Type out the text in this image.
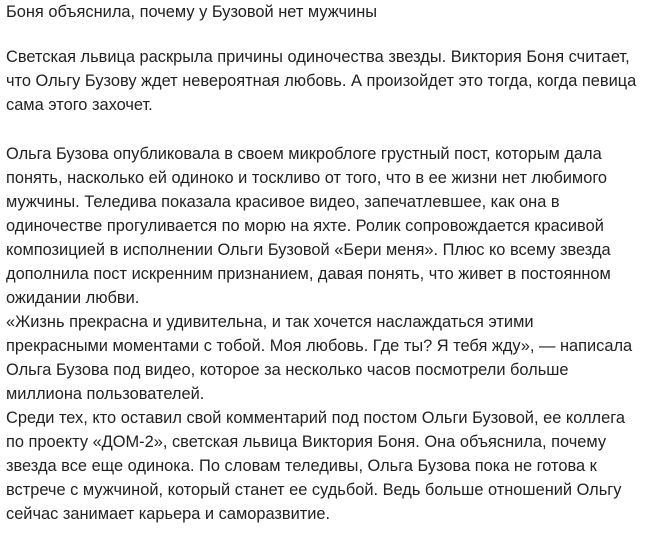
Боня объяснила, почему у Бузовой нет мужчины

Светская львица раскрыла причины одиночества звезды. Виктория Боня считает,
что Ольгу Бузову ждет невероятная любовь. А произойдет это тогда, когда певица
сама этого захочет.

Ольга Бузова опубликовала в своем микроблоге грустный пост, которым дала
понять, насколько ей одиноко и тоскливо от того, что в ее жизни нет любимого
мужчины. Теледива показала красивое видео, запечатлевшее, как она в
одиночестве прогуливается по морю на яхте. Ролик сопровождается красивой
композицией в исполнении Ольги Бузовой «Бери меня». Плюс ко всему звезда
дополнила пост искренним признанием, давая понять, что живет в постоянном
ожидании любви.

«Жизнь прекрасна и удивительна, и так хочется наслаждаться этими
прекрасными моментами с тобой. Моя любовь. Где ты? Я тебя жду», — написала
Ольга Бузова под видео, которое за несколько часов посмотрели больше
миллиона пользователей.

Среди тех, кто оставил свой комментарий под постом Ольги Бузовой, ее коллега
по проекту «ДОМ-2», светская львица Виктория Боня. Она объяснила, почему
звезда все еще одинока. По словам теледивы, Ольга Бузова пока не готова к
встрече с мужчиной, который станет ее судьбой. Ведь больше отношений Ольгу
сейчас занимает карьера и саморазвитие.
